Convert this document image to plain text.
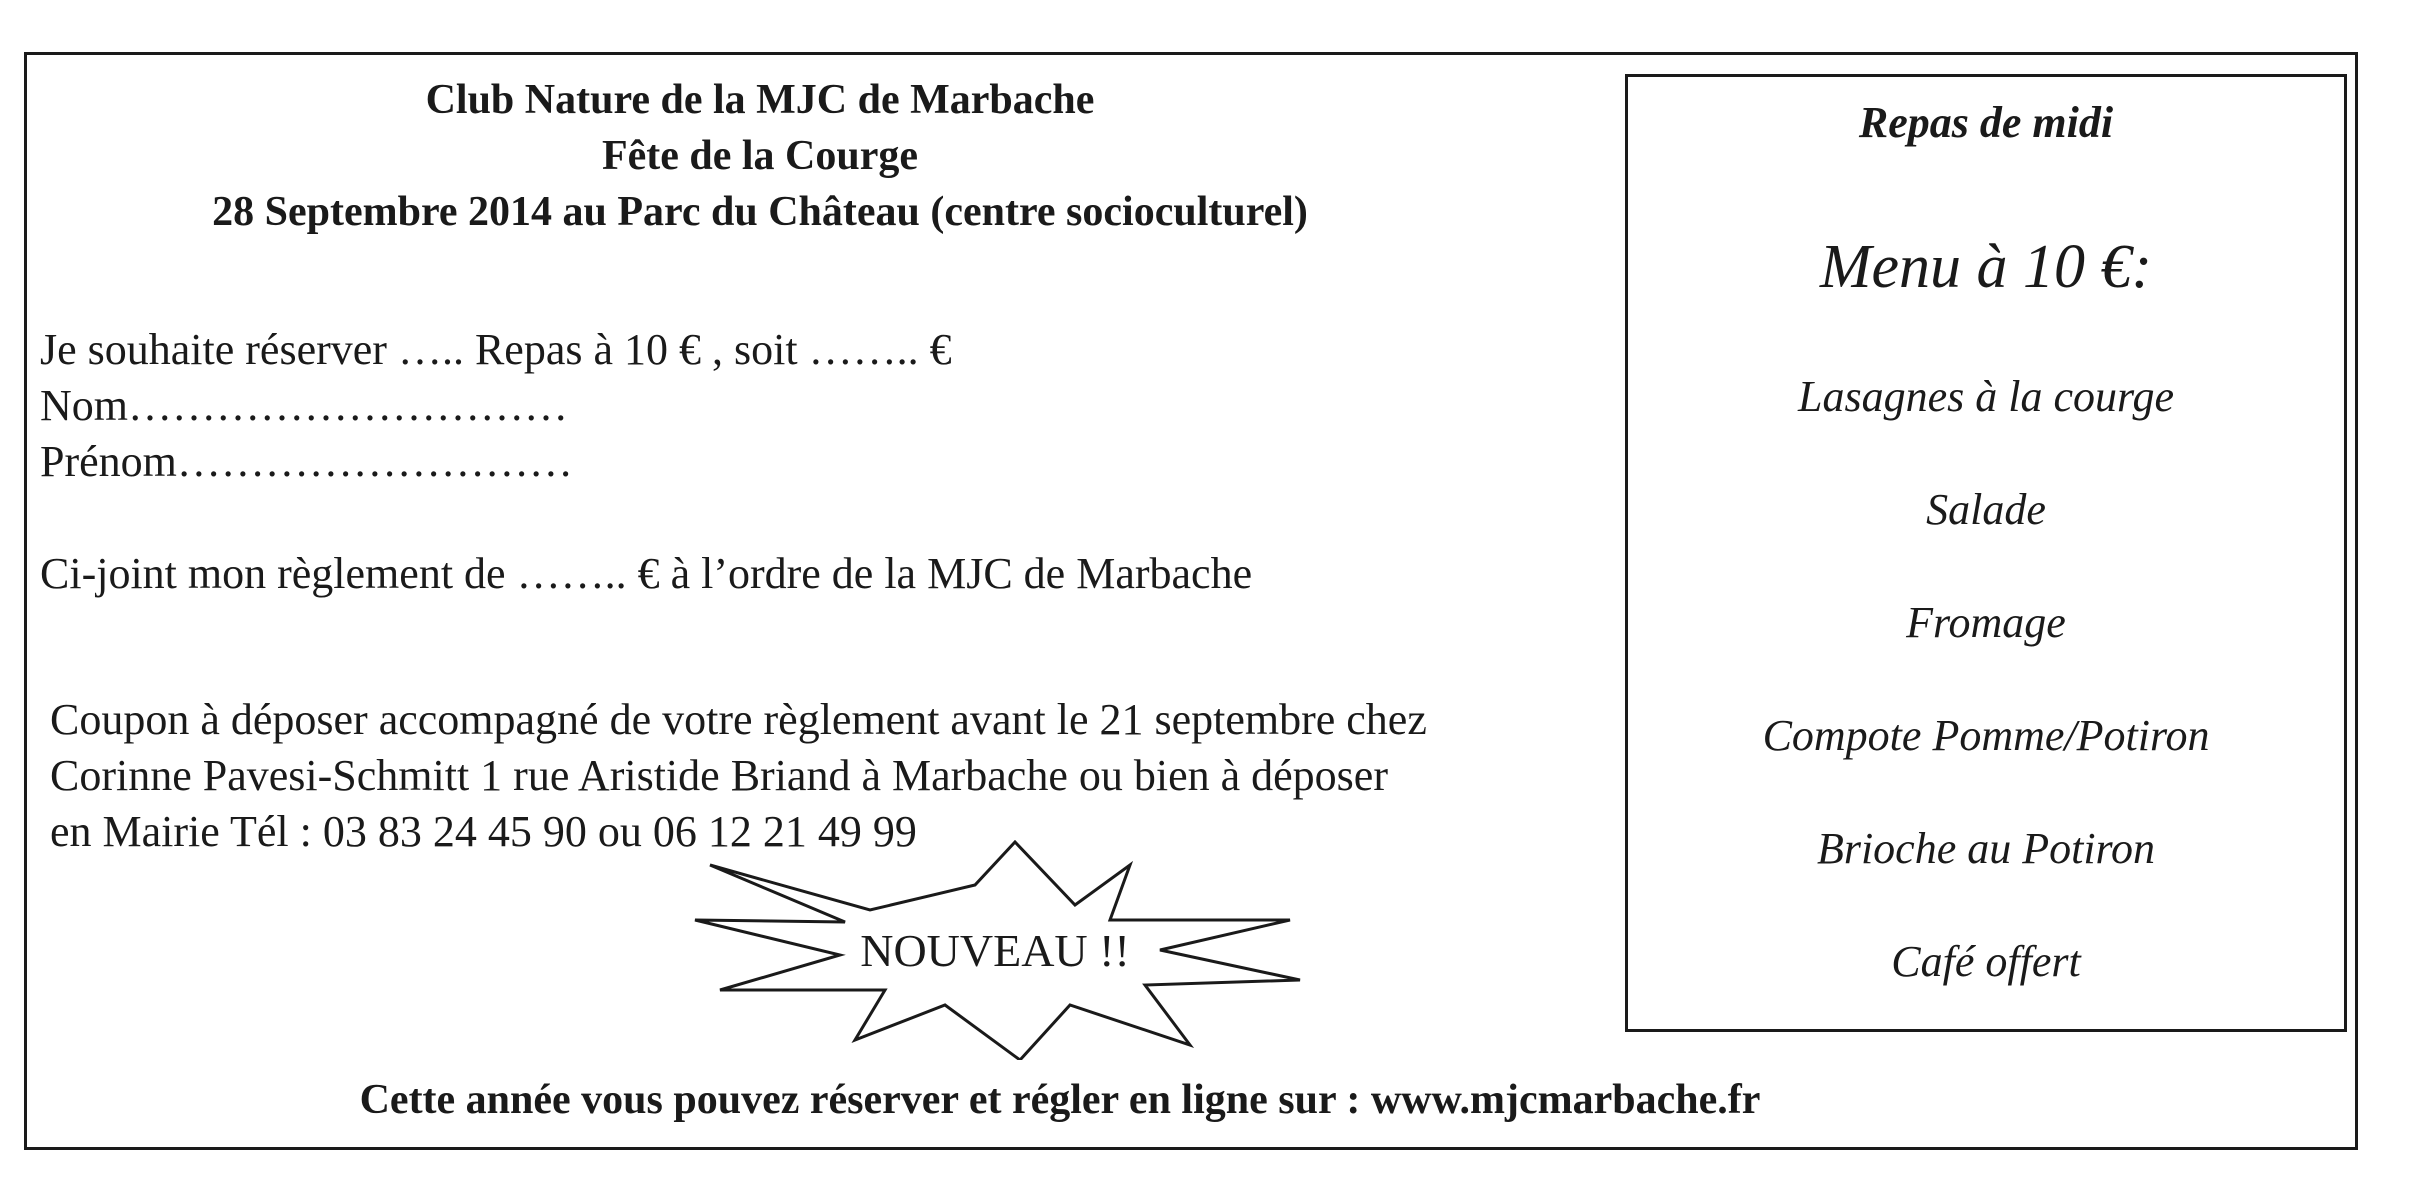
Club Nature de la MJC de Marbache
Fête de la Courge
28 Septembre 2014 au Parc du Château (centre socioculturel)
Je souhaite réserver ….. Repas à 10 € , soit …….. €
Nom…………………………
Prénom………………………
Ci-joint mon règlement de …….. € à l’ordre de la MJC de Marbache
Coupon à déposer accompagné de votre règlement avant le 21 septembre chez
Corinne Pavesi-Schmitt 1 rue Aristide Briand à Marbache ou bien à déposer
en Mairie Tél : 03 83 24 45 90 ou 06 12 21 49 99
NOUVEAU !!
Cette année vous pouvez réserver et régler en ligne sur : www.mjcmarbache.fr
Repas de midi
Menu à 10 €:
Lasagnes à la courge
Salade
Fromage
Compote Pomme/Potiron
Brioche au Potiron
Café offert
